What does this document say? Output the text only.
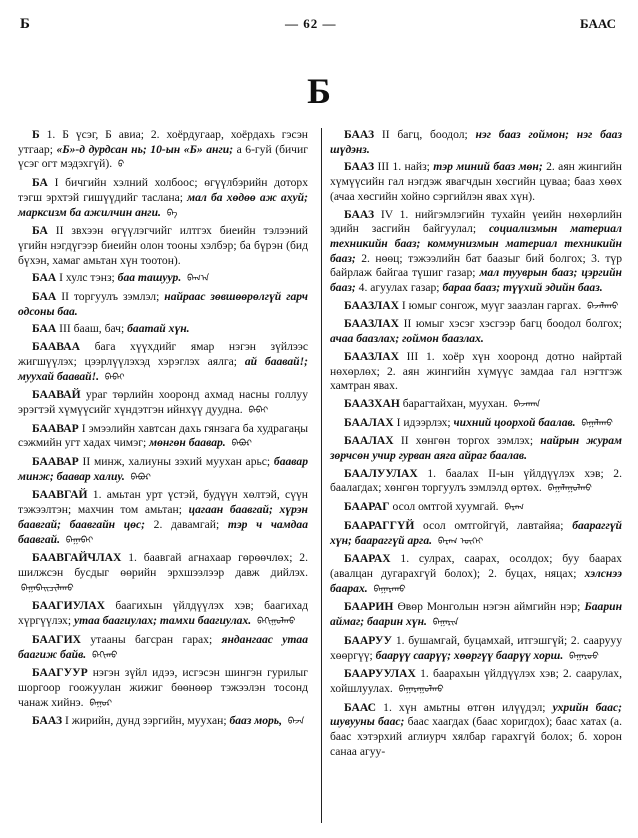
Б	— 62 —	БААС
Б

Б 1. Б үсэг, Б авиа; 2. хоёрдугаар, хоёрдахь гэсэн утгаар; «Б»-д дурдсан нь; 10-ын «Б» анги; а 6-гуй (бичиг үсэг огт мэдэхгүй). ᠪ

БА I бичгийн хэлний холбоос; өгүүлбэрийн доторх тэгш эрхтэй гишүүдийг таслана; мал ба хөдөө аж ахуй; марксизм ба ажилчин анги. ᠪᠠ

БА II звхээн өгүүлэгчийг илтгэх биеийн тэлээний үгийн нэгдүгээр биеийн олон тооны хэлбэр; ба бүрэн (бид бүхэн, хамаг амьтан хүн тоотон).

БАА I хулс тэнз; баа ташуур. ᠪᠠᠭ᠎ᠠ

БАА II торгуулъ зэмлэл; найраас зөвшөөрөлгүй гарч одсоны баа.

БАА III бааш, бач; баатай хүн.

БААВАА бага хүүхдийг ямар нэгэн зүйлээс жигшүүлэх; цээрлүүлэхэд хэрэглэх аялга; ай баавай!; муухай баавай!. ᠪᠠᠪᠠᠢ

БААВАЙ ураг төрлийн хооронд ахмад насны голлуу эрэгтэй хүмүүсийг хүндэтгэн ийнхүү дуудна. ᠪᠠᠪᠠᠢ

БААВАР I эмээлийн хавтсан дахь гянзага ба худрагаңы сэжмийн угт хадах чимэг; мөнгөн баавар. ᠪᠠᠪᠤᠷ

БААВАР II минж, халиуны зэхий муухан арьс; баавар минж; баавар халиу. ᠪᠠᠪᠤᠷ

БААВГАЙ 1. амьтан урт үстэй, будүүн хөлтэй, сүүн тэжээлтэн; махчин том амьтан; цагаан баавгай; хүрэн баавгай; баавгайн цөс; 2. давамгай; тэр ч чамдаа баавгай. ᠪᠠᠭᠠᠪᠠᠢ

БААВГАЙЧЛАХ 1. баавгай агнахаар гөрөөчлөх; 2. шилжсэн бусдыг өөрийн эрхшээлээр давж дийлэх. ᠪᠠᠭᠠᠪᠠᠢᠴᠢᠯᠠᠬᠤ

БААГИУЛАХ баагихын үйлдүүлэх хэв; баагихад хүргүүлэх; утаа баагиулах; тамхи баагиулах. ᠪᠠᠭᠢᠭᠤᠯᠬᠤ

БААГИХ утааны багсран гарах; яндангаас утаа баагиж байв. ᠪᠠᠭᠢᠬᠤ

БААГУУР нэгэн зүйл идээ, исгэсэн шингэн гурилыг шоргоор гоожуулан жижиг бөөнөөр тэжээлэн тосонд чанаж хийнэ. ᠪᠠᠭᠤᠷ

БААЗ I жирийн, дунд зэргийн, муухан; бааз морь, ᠪᠠᠵᠠ

БААЗ II багц, боодол; нэг бааз гоймон; нэг бааз шүдэнз.

БААЗ III 1. найз; тэр миний бааз мөн; 2. аян жингийн хүмүүсийн гал нэгдэж явагчдын хөсгийн цуваа; бааз хөөх (ачаа хөсгийн хойно сэргийлэн явах хүн).

БААЗ IV 1. нийгэмлэгийн тухайн үеийн нөхөрлийн эдийн засгийн байгуулал; социализмын материал техникийн бааз; коммунизмын материал техникийн бааз; 2. нөөц; тэжээлийн бат баазыг бий болгох; 3. түр байрлаж байгаа түшиг газар; мал тууврын бааз; цэргийн бааз; 4. агуулах газар; бараа бааз; түүхий эдийн бааз.

БААЗЛАХ I юмыг сонгож, муүг заазлан гаргах. ᠪᠠᠵᠠᠯᠠᠬᠤ

БААЗЛАХ II юмыг хэсэг хэсгээр багц боодол болгох; ачаа баазлах; гоймон баазлах.

БААЗЛАХ III 1. хоёр хүн хооронд дотно найртай нөхөрлөх; 2. аян жингийн хүмүүс замдаа гал нэгтгэж хамтран явах.

БААЗХАН барагтайхан, муухан. ᠪᠠᠵᠠᠬᠠᠨ

БААЛАХ I идээрлэх; чихний цоорхой баалав. ᠪᠠᠭᠠᠯᠠᠬᠤ

БААЛАХ II хөнгөн торгох зэмлэх; найрын журам зөрчсөн учир гурван аяга айраг баалав.

БААЛУУЛАХ 1. баалах II-ын үйлдүүлэх хэв; 2. баалагдах; хөнгөн торгуулъ зэмлэлд өртөх. ᠪᠠᠭᠠᠯᠠᠭᠤᠯᠬᠤ

БААРАГ осол омтгой хуумгай. ᠪᠠᠷᠠᠭ

БААРАГГҮЙ осол омтгойгүй, лавтайяа; бааpаггүй хүн; баараггүй арга. ᠪᠠᠷᠠᠭ ᠦᠭᠡᠢ

БААРАХ 1. сулрах, саарах, осолдох; буу баарах (авалцан дугарахгүй болох); 2. буцах, няцах; хэлснээ баарах. ᠪᠠᠭᠠᠷᠠᠬᠤ

БААРИН Өвөр Монголын нэгэн аймгийн нэр; Баарин аймаг; баарин хүн. ᠪᠠᠭᠠᠷᠢᠨ

БААРУУ 1. бушамгай, буцамхай, итгэшгүй; 2. саарууу хөөргүү; баарүү саарүү; хөөргүү баарүү хорш. ᠪᠠᠭᠠᠷᠤᠤ

БААРУУЛАХ 1. баарахын үйлдүүлэх хэв; 2. саарулах, хойшлуулах. ᠪᠠᠭᠠᠷᠠᠭᠤᠯᠬᠤ

БААС 1. хүн амьтны өтгөн илүүдэл; ухрийн баас; шувууны баас; баас хаагдах (баас хоригдох); баас хатах (а. баас хэтэрхий аглиурч хялбар гарахгүй болох; б. хорон санаа агуу-
